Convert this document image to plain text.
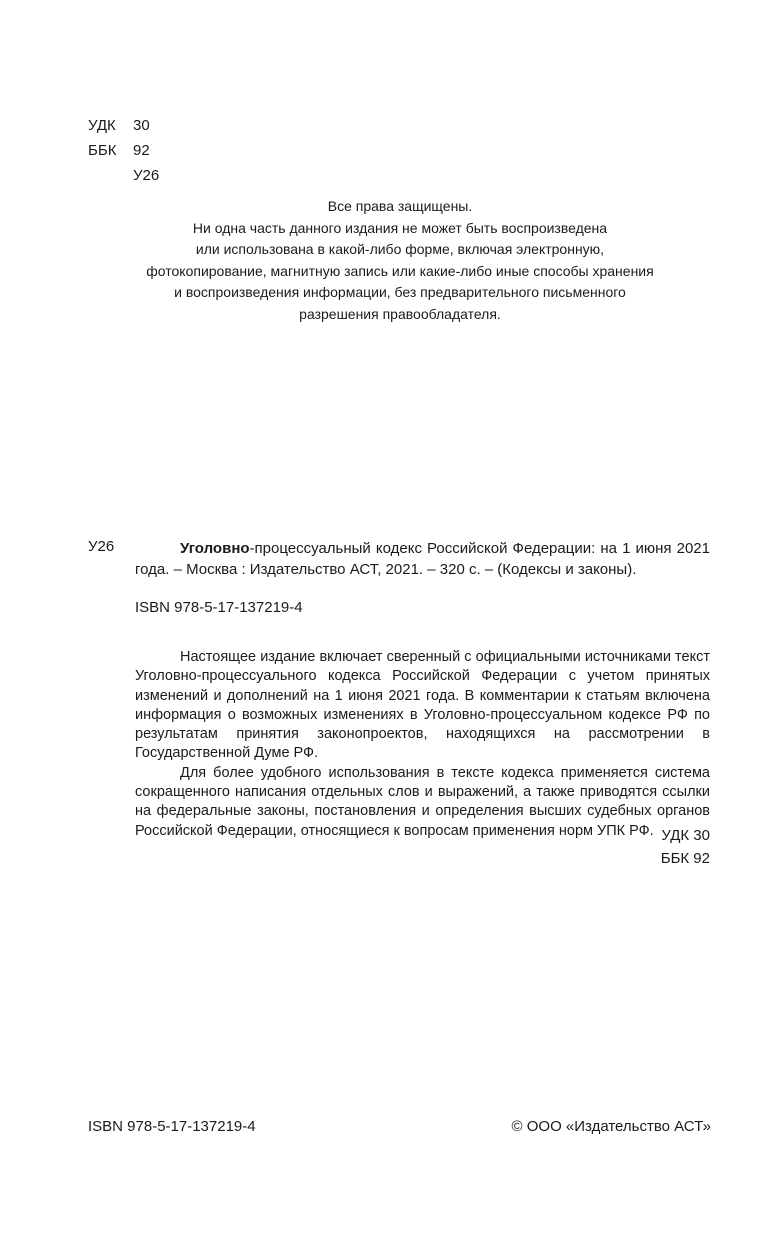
УДК	30
ББК	92
У26
Все права защищены.
Ни одна часть данного издания не может быть воспроизведена
или использована в какой-либо форме, включая электронную,
фотокопирование, магнитную запись или какие-либо иные способы хранения
и воспроизведения информации, без предварительного письменного
разрешения правообладателя.
У26	Уголовно-процессуальный кодекс Российской Федерации: на 1 июня 2021 года. – Москва : Издательство АСТ, 2021. – 320 с. – (Кодексы и законы).

ISBN 978-5-17-137219-4

Настоящее издание включает сверенный с официальными источниками текст Уголовно-процессуального кодекса Российской Федерации с учетом принятых изменений и дополнений на 1 июня 2021 года. В комментарии к статьям включена информация о возможных изменениях в Уголовно-процессуальном кодексе РФ по результатам принятия законопроектов, находящихся на рассмотрении в Государственной Думе РФ.

Для более удобного использования в тексте кодекса применяется система сокращенного написания отдельных слов и выражений, а также приводятся ссылки на федеральные законы, постановления и определения высших судебных органов Российской Федерации, относящиеся к вопросам применения норм УПК РФ. УДК 30
ББК 92
ISBN 978-5-17-137219-4	© ООО «Издательство АСТ»
